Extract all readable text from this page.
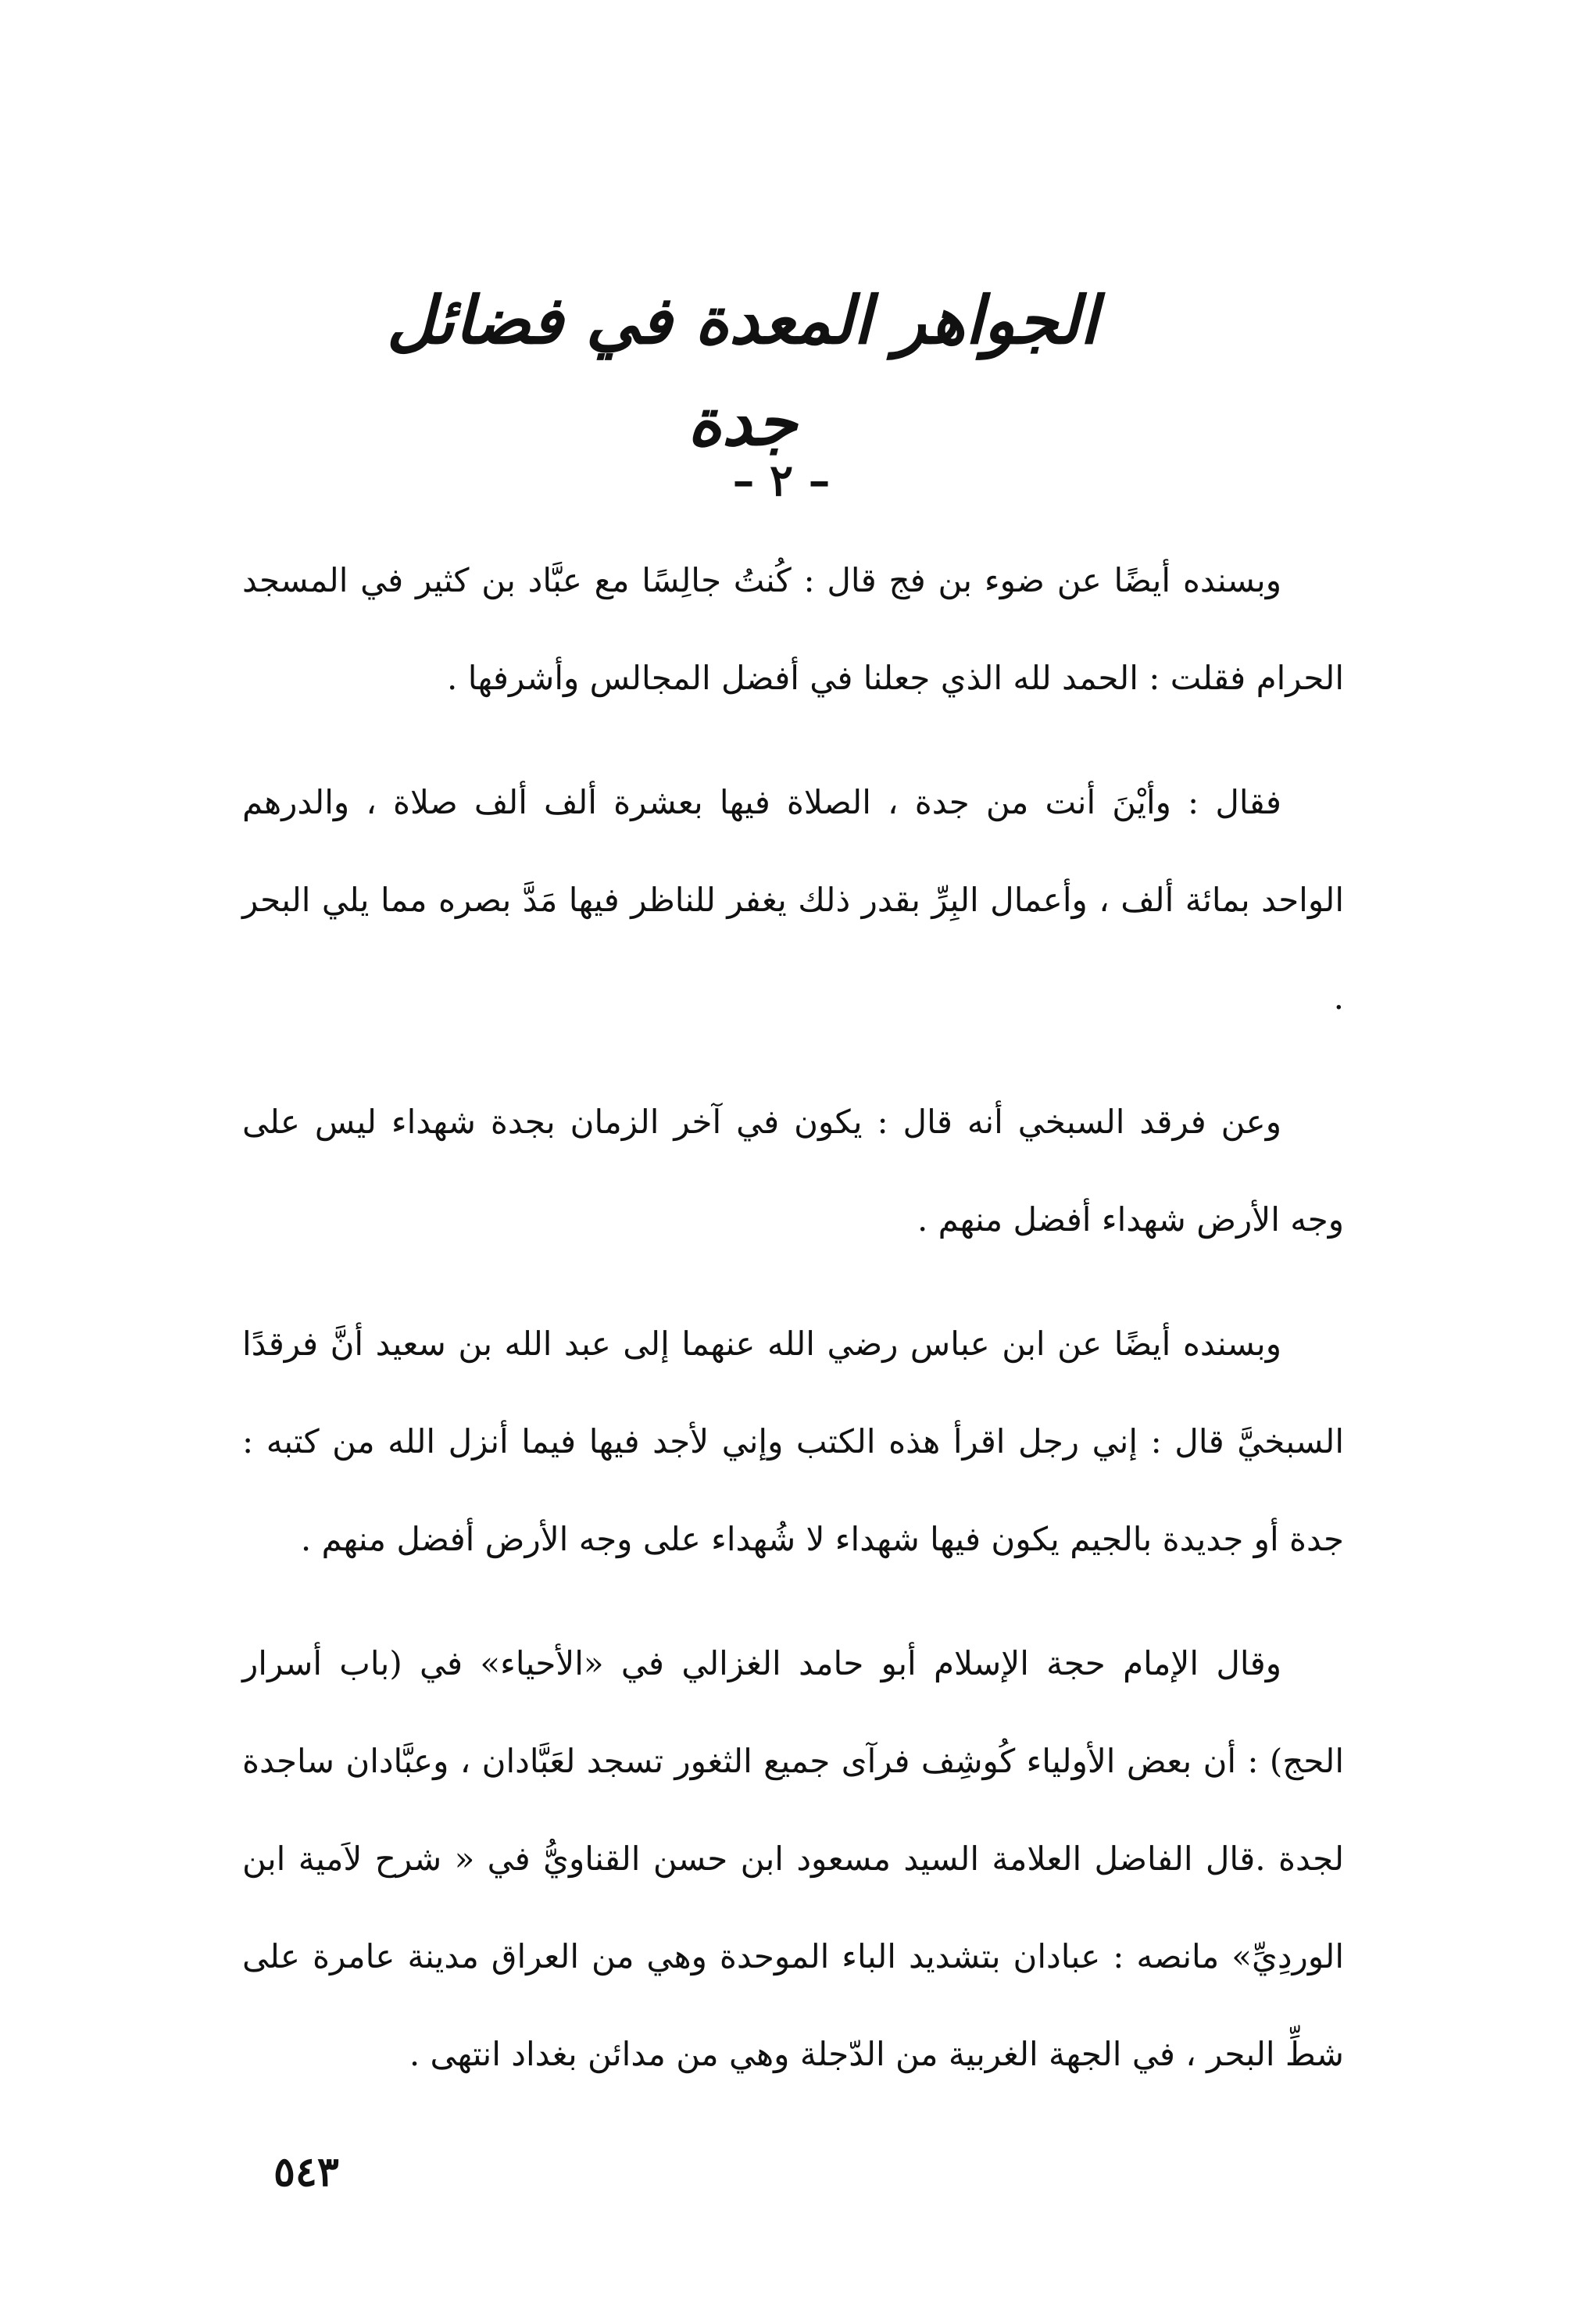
الجواهر المعدة في فضائل جدة
– ٢ –

وبسنده أيضًا عن ضوء بن فج قال : كُنتُ جالِسًا مع عبَّاد بن كثير في المسجد الحرام فقلت : الحمد لله الذي جعلنا في أفضل المجالس وأشرفها .

فقال : وأيْنَ أنت من جدة ، الصلاة فيها بعشرة ألف ألف صلاة ، والدرهم الواحد بمائة ألف ، وأعمال البِرِّ بقدر ذلك يغفر للناظر فيها مَدَّ بصره مما يلي البحر .

وعن فرقد السبخي أنه قال : يكون في آخر الزمان بجدة شهداء ليس على وجه الأرض شهداء أفضل منهم .

وبسنده أيضًا عن ابن عباس رضي الله عنهما إلى عبد الله بن سعيد أنَّ فرقدًا السبخيَّ قال : إني رجل اقرأ هذه الكتب وإني لأجد فيها فيما أنزل الله من كتبه : جدة أو جديدة بالجيم يكون فيها شهداء لا شُهداء على وجه الأرض أفضل منهم .

وقال الإمام حجة الإسلام أبو حامد الغزالي في «الأحياء» في (باب أسرار الحج) : أن بعض الأولياء كُوشِف فرآى جميع الثغور تسجد لعَبَّادان ، وعبَّادان ساجدة لجدة .قال الفاضل العلامة السيد مسعود ابن حسن القناويُّ في « شرح لاَمية ابن الوردِيِّ» مانصه : عبادان بتشديد الباء الموحدة وهي من العراق مدينة عامرة على شطِّ البحر ، في الجهة الغربية من الدّجلة وهي من مدائن بغداد انتهى .

٥٤٣
